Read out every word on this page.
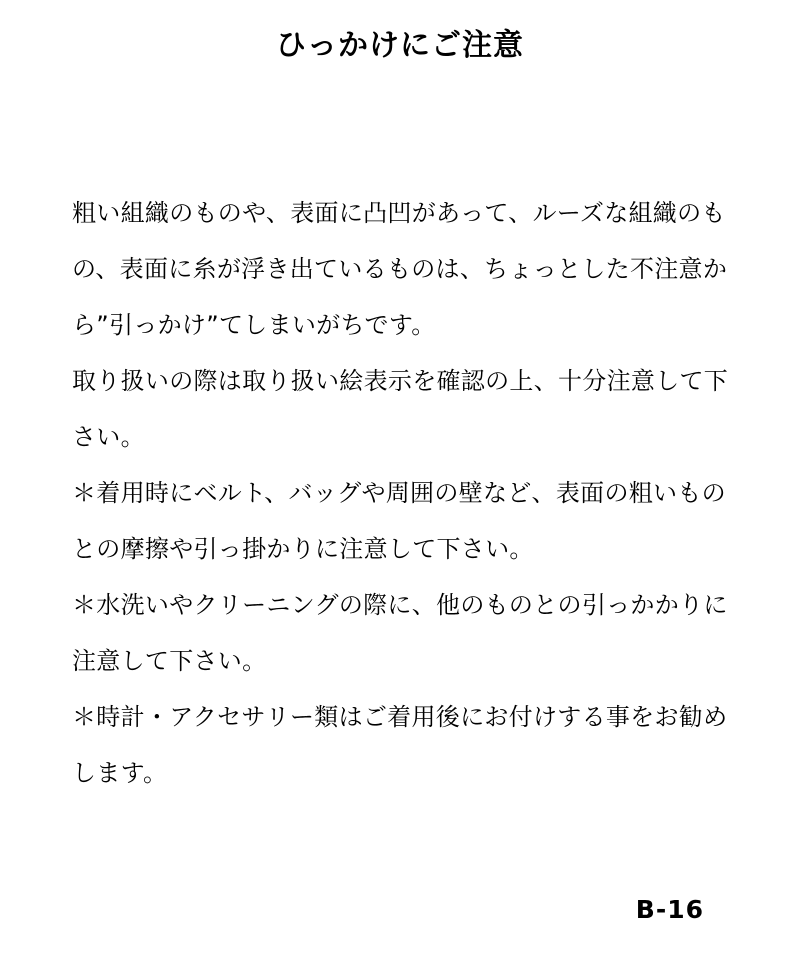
ひっかけにご注意

粗い組織のものや、表面に凸凹があって、ルーズな組織のもの、表面に糸が浮き出ているものは、ちょっとした不注意から”引っかけ”てしまいがちです。

取り扱いの際は取り扱い絵表示を確認の上、十分注意して下さい。

＊着用時にベルト、バッグや周囲の壁など、表面の粗いものとの摩擦や引っ掛かりに注意して下さい。

＊水洗いやクリーニングの際に、他のものとの引っかかりに注意して下さい。

＊時計・アクセサリー類はご着用後にお付けする事をお勧めします。

B-16
